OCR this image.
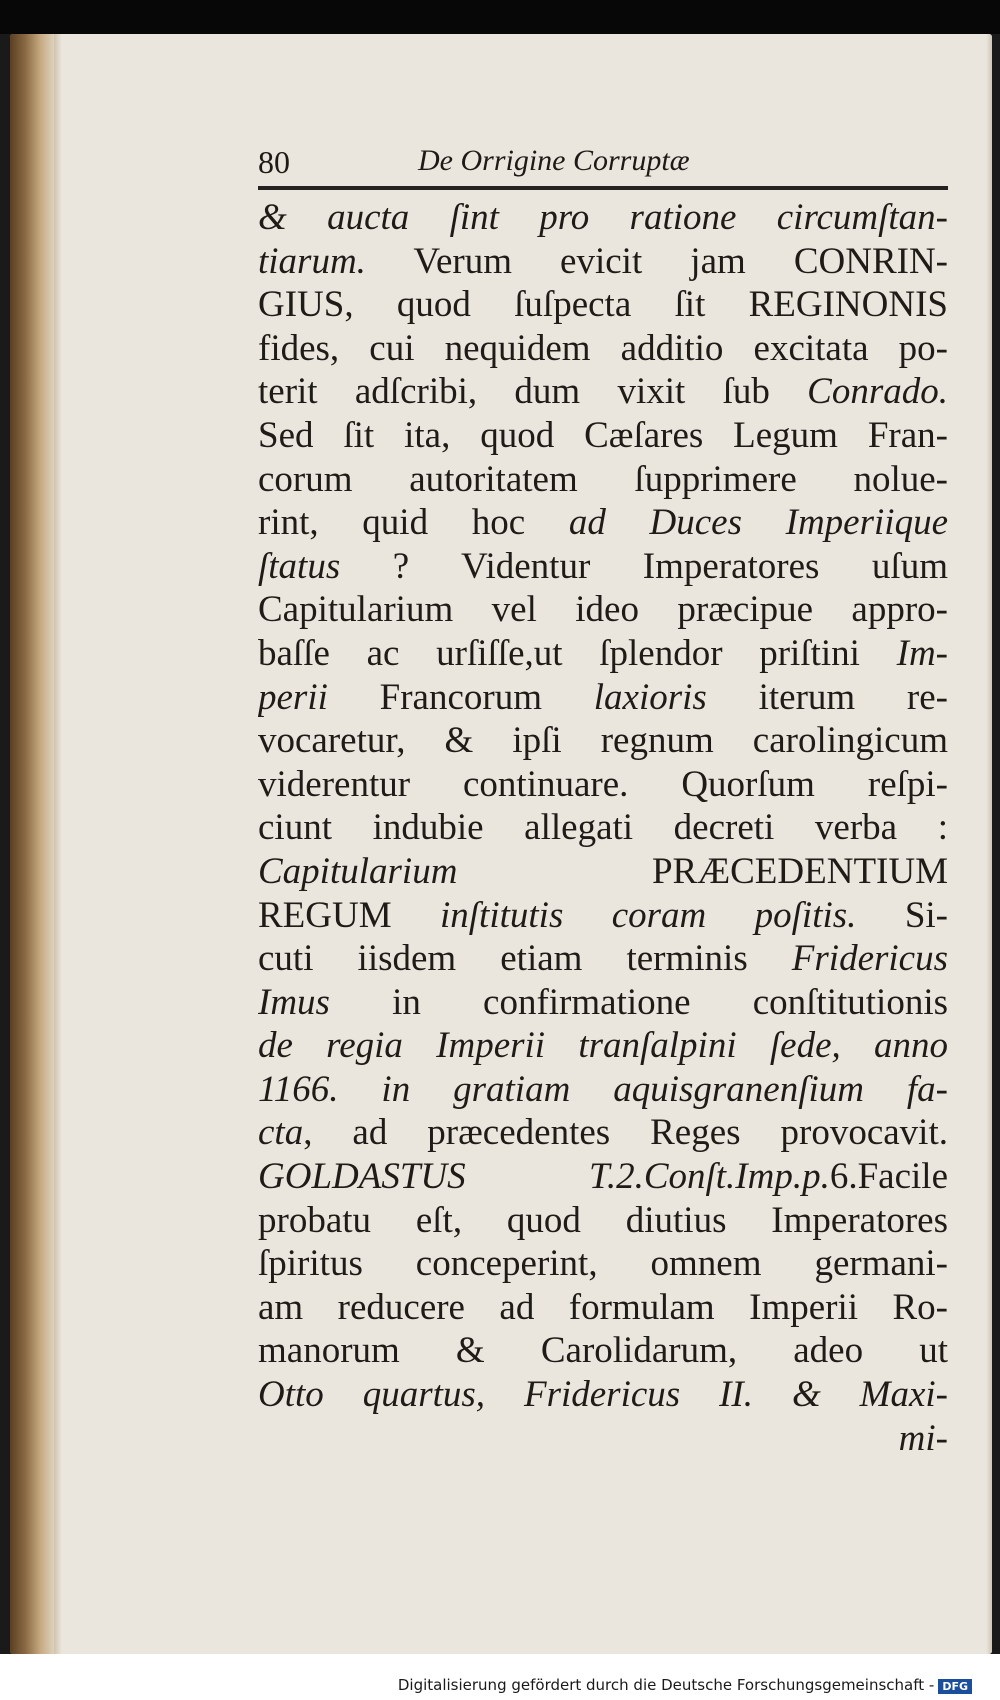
80	De Orrigine Corruptæ
& aucta ſint pro ratione circumſtan-
tiarum. Verum evicit jam CONRIN-
GIUS, quod ſuſpecta ſit REGINONIS
fides, cui nequidem additio excitata po-
terit adſcribi, dum vixit ſub Conrado.
Sed ſit ita, quod Cæſares Legum Fran-
corum autoritatem ſupprimere nolue-
rint, quid hoc ad Duces Imperiique
ſtatus ? Videntur Imperatores uſum
Capitularium vel ideo præcipue appro-
baſſe ac urſiſſe,ut ſplendor priſtini Im-
perii Francorum laxioris iterum re-
vocaretur, & ipſi regnum carolingicum
viderentur continuare. Quorſum reſpi-
ciunt indubie allegati decreti verba :
Capitularium PRÆCEDENTIUM
REGUM inſtitutis coram poſitis. Si-
cuti iisdem etiam terminis Fridericus
Imus in confirmatione conſtitutionis
de regia Imperii tranſalpini ſede, anno
1166. in gratiam aquisgranenſium fa-
cta, ad præcedentes Reges provocavit.
GOLDASTUS T.2.Conſt.Imp.p.6.Facile
probatu eſt, quod diutius Imperatores
ſpiritus conceperint, omnem germani-
am reducere ad formulam Imperii Ro-
manorum & Carolidarum, adeo ut
Otto quartus, Fridericus II. & Maxi-
mi-
Digitalisierung gefördert durch die Deutsche Forschungsgemeinschaft - DFG
